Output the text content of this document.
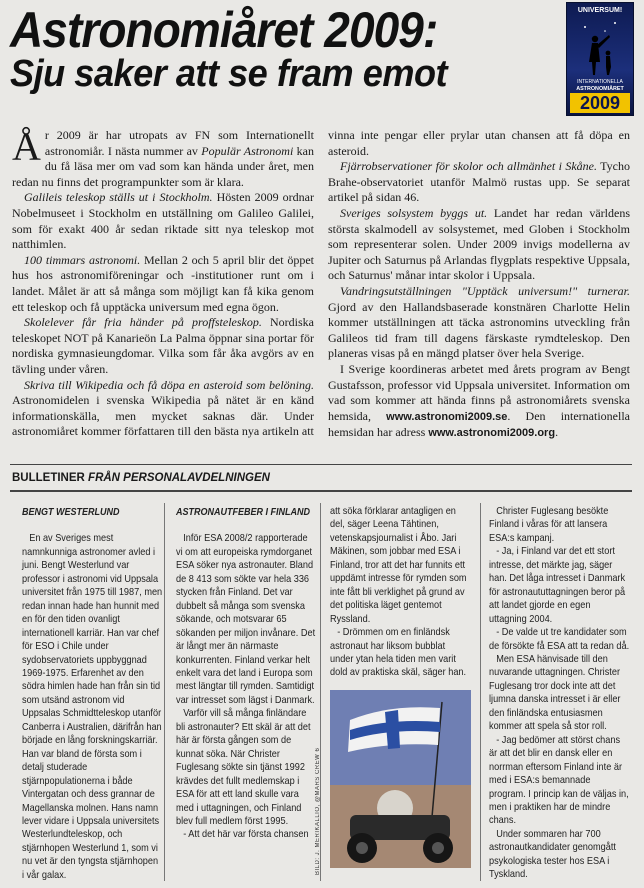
Astronomiåret 2009:
Sju saker att se fram emot
UNIVERSUM!
INTERNATIONELLA
ASTRONOMIÅRET
2009

År 2009 är har utropats av FN som Internationellt astronomiår. I nästa nummer av Populär Astronomi kan du få läsa mer om vad som kan hända under året, men redan nu finns det programpunkter som är klara.

Galileis teleskop ställs ut i Stockholm. Hösten 2009 ordnar Nobelmuseet i Stockholm en utställning om Galileo Galilei, som för exakt 400 år sedan riktade sitt nya teleskop mot natthimlen.

100 timmars astronomi. Mellan 2 och 5 april blir det öppet hus hos astronomiföreningar och -institutioner runt om i landet. Målet är att så många som möjligt kan få kika genom ett teleskop och få upptäcka universum med egna ögon.

Skolelever får fria händer på proffsteleskop. Nordiska teleskopet NOT på Kanarieön La Palma öppnar sina portar för nordiska gymnasieungdomar. Vilka som får åka avgörs av en tävling under våren.

Skriva till Wikipedia och få döpa en asteroid som belöning. Astronomidelen i svenska Wikipedia på nätet är en känd informationskälla, men mycket saknas där. Under astronomiåret kommer författaren till den bästa nya artikeln att

vinna inte pengar eller prylar utan chansen att få döpa en asteroid.

Fjärrobservationer för skolor och allmänhet i Skåne. Tycho Brahe-observatoriet utanför Malmö rustas upp. Se separat artikel på sidan 46.

Sveriges solsystem byggs ut. Landet har redan världens största skalmodell av solsystemet, med Globen i Stockholm som representerar solen. Under 2009 invigs modellerna av Jupiter och Saturnus på Arlandas flygplats respektive Uppsala, och Saturnus' månar intar skolor i Uppsala.

Vandringsutställningen "Upptäck universum!" turnerar. Gjord av den Hallandsbaserade konstnären Charlotte Helin kommer utställningen att täcka astronomins utveckling från Galileos tid fram till dagens färskaste rymdteleskop. Den planeras visas på en mängd platser över hela Sverige.

I Sverige koordineras arbetet med årets program av Bengt Gustafsson, professor vid Uppsala universitet. Information om vad som kommer att hända finns på astronomiårets svenska hemsida, www.astronomi2009.se. Den internationella hemsidan har adress www.astronomi2009.org.

BULLETINER FRÅN PERSONALAVDELNINGEN
BENGT WESTERLUND

En av Sveriges mest namnkunniga astronomer avled i juni. Bengt Westerlund var professor i astronomi vid Uppsala universitet från 1975 till 1987, men redan innan hade han hunnit med en för den tiden ovanligt internationell karriär. Han var chef för ESO i Chile under sydobservatoriets uppbyggnad 1969-1975. Erfarenhet av den södra himlen hade han från sin tid som utsänd astronom vid Uppsalas Schmidtteleskop utanför Canberra i Australien, därifrån han började en lång forskningskarriär. Han var bland de första som i detalj studerade stjärnpopulationerna i både Vintergatan och dess grannar de Magellanska molnen. Hans namn lever vidare i Uppsala universitets Westerlundteleskop, och stjärnhopen Westerlund 1, som vi nu vet är den tyngsta stjärnhopen i vår galax.

ASTRONAUTFEBER I FINLAND

Inför ESA 2008/2 rapporterade vi om att europeiska rymdorganet ESA söker nya astronauter. Bland de 8 413 som sökte var hela 336 stycken från Finland. Det var dubbelt så många som svenska sökande, och motsvarar 65 sökanden per miljon invånare. Det är långt mer än närmaste konkurrenten. Finland verkar helt enkelt vara det land i Europa som mest längtar till rymden. Samtidigt var intresset som lägst i Danmark.

Varför vill så många finländare bli astronauter? Ett skäl är att det här är första gången som de kunnat söka. När Christer Fuglesang sökte sin tjänst 1992 krävdes det fullt medlemskap i ESA för att ett land skulle vara med i uttagningen, och Finland blev full medlem först 1995.

- Att det här var första chansen

att söka förklarar antagligen en del, säger Leena Tähtinen, vetenskapsjournalist i Åbo. Jari Mäkinen, som jobbar med ESA i Finland, tror att det har funnits ett uppdämt intresse för rymden som inte fått bli verklighet på grund av det politiska läget gentemot Ryssland.

- Drömmen om en finländsk astronaut har liksom bubblat under ytan hela tiden men varit dold av praktiska skäl, säger han.

BILD: J. MERIKALLIO, @MARS CREW 6

Christer Fuglesang besökte Finland i våras för att lansera ESA:s kampanj.

- Ja, i Finland var det ett stort intresse, det märkte jag, säger han. Det låga intresset i Danmark för astronaututtagningen beror på att landet gjorde en egen uttagning 2004.

- De valde ut tre kandidater som de försökte få ESA att ta redan då.

Men ESA hänvisade till den nuvarande uttagningen. Christer Fuglesang tror dock inte att det ljumna danska intresset i är eller den finländska entusiasmen kommer att spela så stor roll.

- Jag bedömer att störst chans är att det blir en dansk eller en norrman eftersom Finland inte är med i ESA:s bemannade program. I princip kan de väljas in, men i praktiken har de mindre chans.

Under sommaren har 700 astronautkandidater genomgått psykologiska tester hos ESA i Tyskland.
